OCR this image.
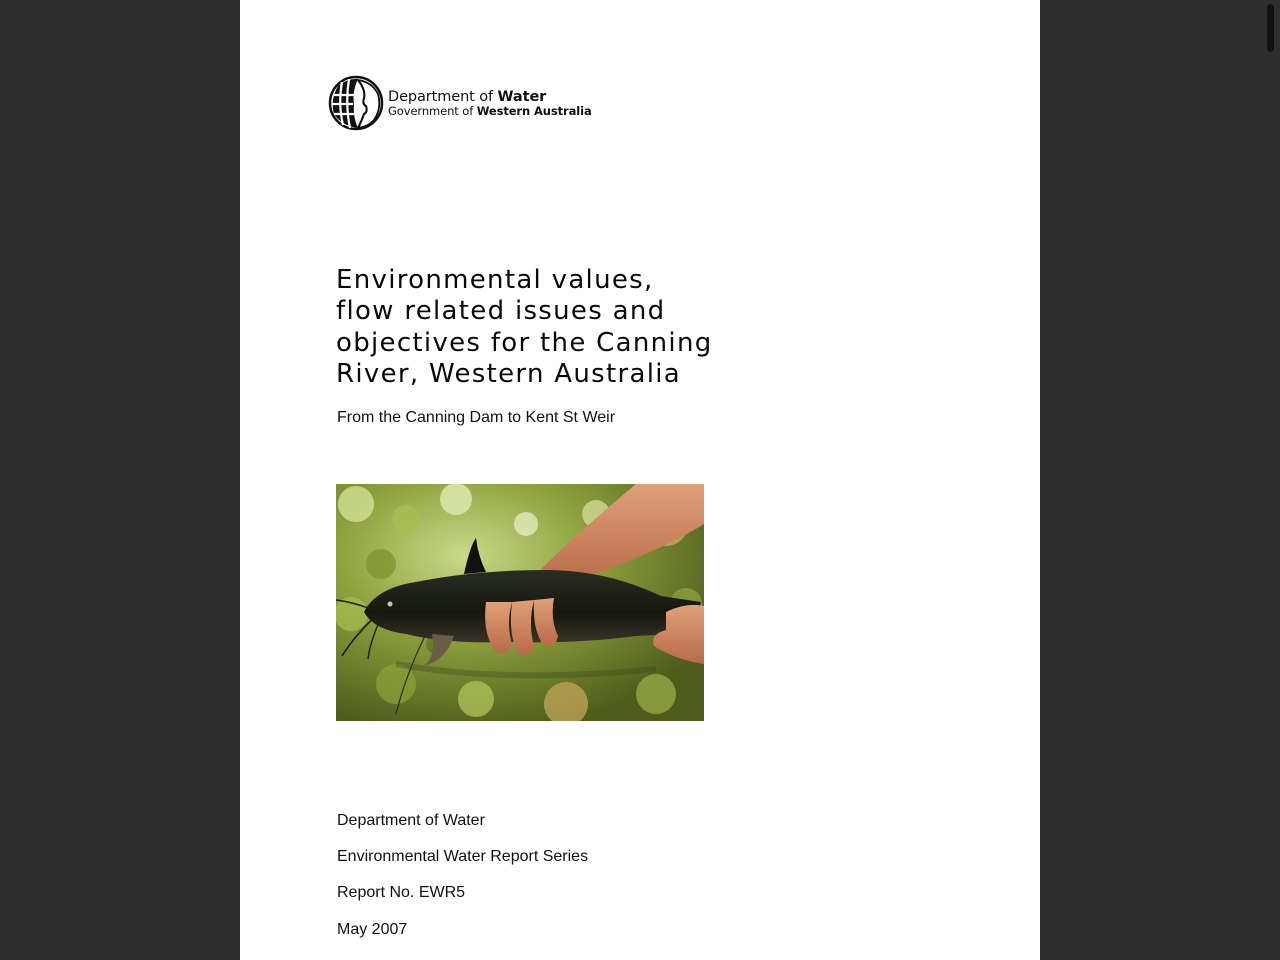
Department of Water
Government of Western Australia
Environmental values,
flow related issues and
objectives for the Canning
River, Western Australia
From the Canning Dam to Kent St Weir
Department of Water
Environmental Water Report Series
Report No. EWR5
May 2007
